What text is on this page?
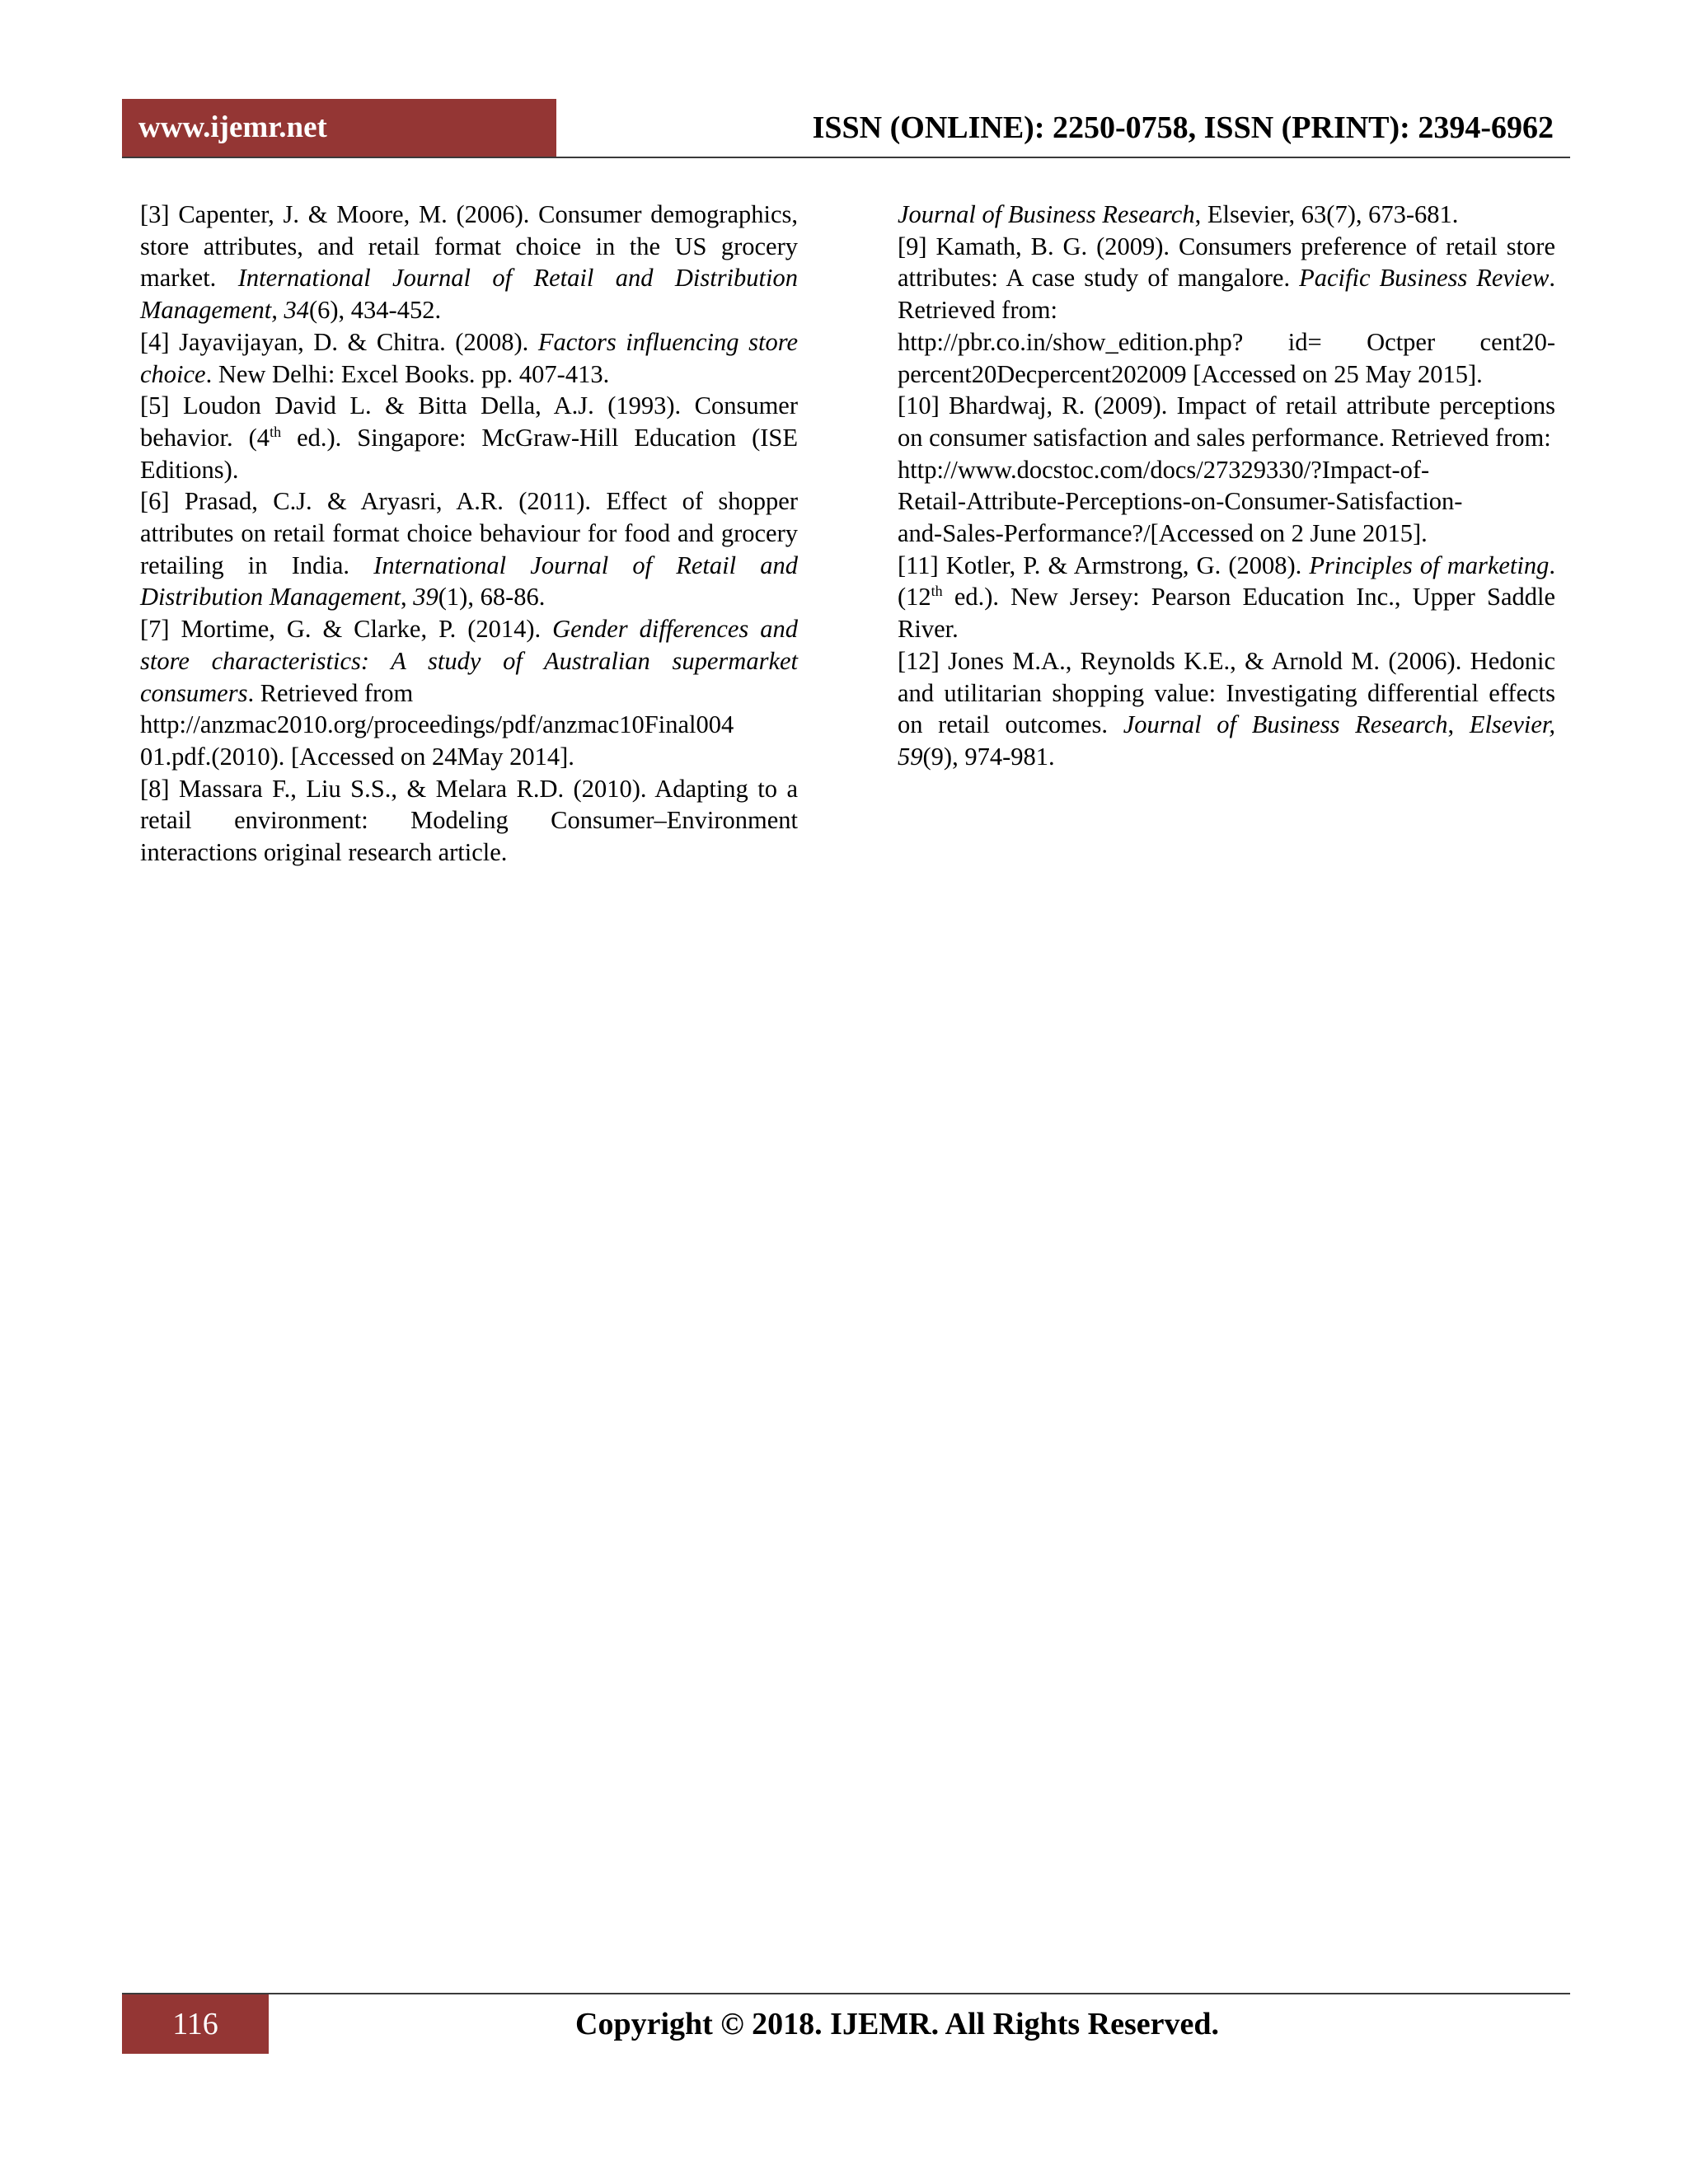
www.ijemr.net	ISSN (ONLINE): 2250-0758, ISSN (PRINT): 2394-6962

[3] Capenter, J. & Moore, M. (2006). Consumer demographics, store attributes, and retail format choice in the US grocery market. International Journal of Retail and Distribution Management, 34(6), 434-452.

[4] Jayavijayan, D. & Chitra. (2008). Factors influencing store choice. New Delhi: Excel Books. pp. 407-413.

[5] Loudon David L. & Bitta Della, A.J. (1993). Consumer behavior. (4th ed.). Singapore: McGraw-Hill Education (ISE Editions).

[6] Prasad, C.J. & Aryasri, A.R. (2011). Effect of shopper attributes on retail format choice behaviour for food and grocery retailing in India. International Journal of Retail and Distribution Management, 39(1), 68-86.

[7] Mortime, G. & Clarke, P. (2014). Gender differences and store characteristics: A study of Australian supermarket consumers. Retrieved from
http://anzmac2010.org/proceedings/pdf/anzmac10Final004
01.pdf.(2010). [Accessed on 24May 2014].

[8] Massara F., Liu S.S., & Melara R.D. (2010). Adapting to a retail environment: Modeling Consumer–Environment interactions original research article.

Journal of Business Research, Elsevier, 63(7), 673-681.

[9] Kamath, B. G. (2009). Consumers preference of retail store attributes: A case study of mangalore. Pacific Business Review. Retrieved from:
http://pbr.co.in/show_edition.php? id= Octper cent20-
percent20Decpercent202009 [Accessed on 25 May 2015].

[10] Bhardwaj, R. (2009). Impact of retail attribute perceptions on consumer satisfaction and sales performance. Retrieved from:
http://www.docstoc.com/docs/27329330/?Impact-of-
Retail-Attribute-Perceptions-on-Consumer-Satisfaction-
and-Sales-Performance?/[Accessed on 2 June 2015].

[11] Kotler, P. & Armstrong, G. (2008). Principles of marketing. (12th ed.). New Jersey: Pearson Education Inc., Upper Saddle River.

[12] Jones M.A., Reynolds K.E., & Arnold M. (2006). Hedonic and utilitarian shopping value: Investigating differential effects on retail outcomes. Journal of Business Research, Elsevier, 59(9), 974-981.

116	Copyright © 2018. IJEMR. All Rights Reserved.
